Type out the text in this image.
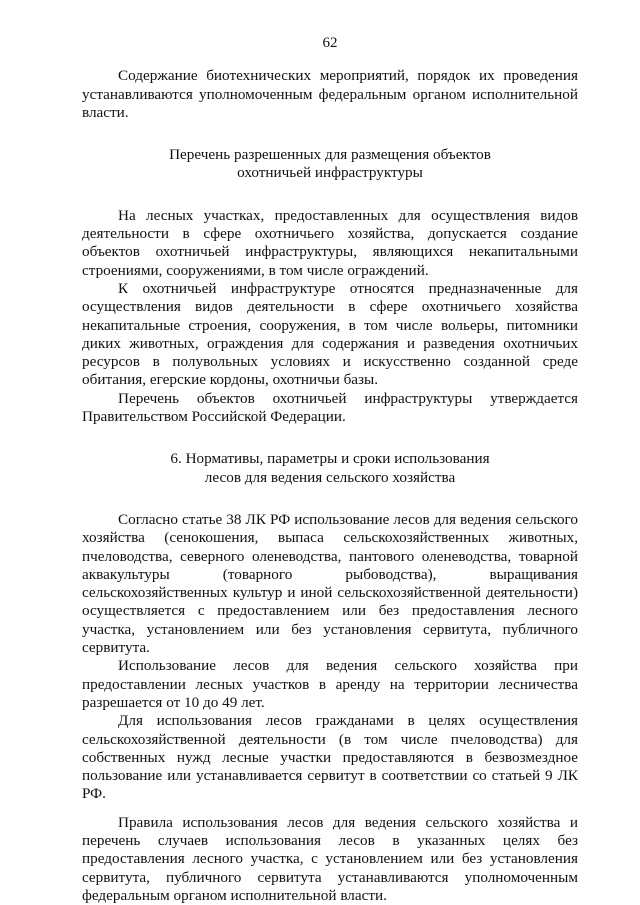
62

Содержание биотехнических мероприятий, порядок их проведения устанавливаются уполномоченным федеральным органом исполнительной власти.

Перечень разрешенных для размещения объектов

охотничьей инфраструктуры

На лесных участках, предоставленных для осуществления видов деятельности в сфере охотничьего хозяйства, допускается создание объектов охотничьей инфраструктуры, являющихся некапитальными строениями, сооружениями, в том числе ограждений.

К охотничьей инфраструктуре относятся предназначенные для осуществления видов деятельности в сфере охотничьего хозяйства некапитальные строения, сооружения, в том числе вольеры, питомники диких животных, ограждения для содержания и разведения охотничьих ресурсов в полувольных условиях и искусственно созданной среде обитания, егерские кордоны, охотничьи базы.

Перечень объектов охотничьей инфраструктуры утверждается Правительством Российской Федерации.

6. Нормативы, параметры и сроки использования

лесов для ведения сельского хозяйства

Согласно статье 38 ЛК РФ использование лесов для ведения сельского хозяйства (сенокошения, выпаса сельскохозяйственных животных, пчеловодства, северного оленеводства, пантового оленеводства, товарной аквакультуры (товарного рыбоводства), выращивания сельскохозяйственных культур и иной сельскохозяйственной деятельности) осуществляется с предоставлением или без предоставления лесного участка, установлением или без установления сервитута, публичного сервитута.

Использование лесов для ведения сельского хозяйства при предоставлении лесных участков в аренду на территории лесничества разрешается от 10 до 49 лет.

Для использования лесов гражданами в целях осуществления сельскохозяйственной деятельности (в том числе пчеловодства) для собственных нужд лесные участки предоставляются в безвозмездное пользование или устанавливается сервитут в соответствии со статьей 9 ЛК РФ.

Правила использования лесов для ведения сельского хозяйства и перечень случаев использования лесов в указанных целях без предоставления лесного участка, с установлением или без установления сервитута, публичного сервитута устанавливаются уполномоченным федеральным органом исполнительной власти.
